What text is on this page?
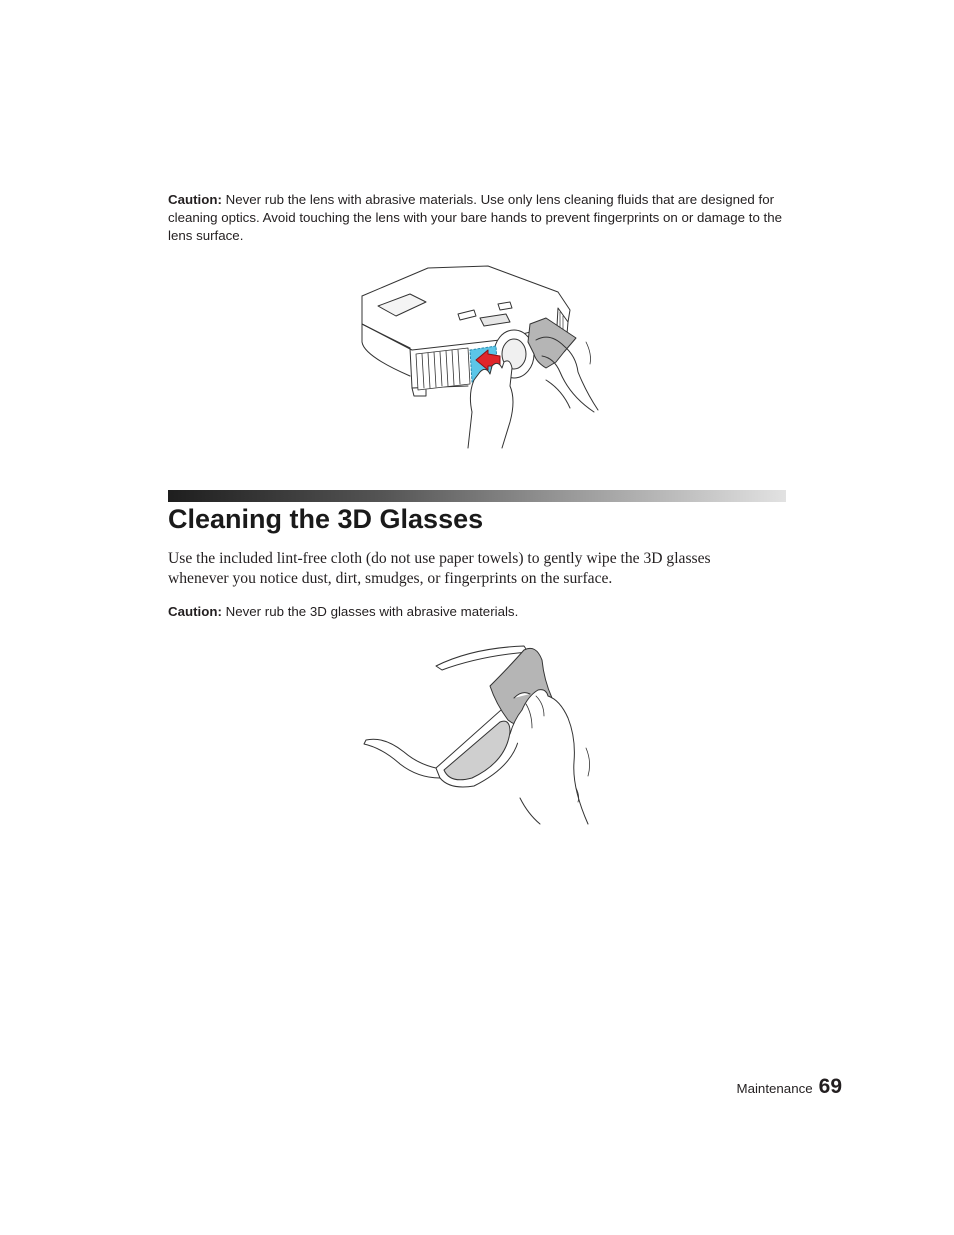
Caution: Never rub the lens with abrasive materials. Use only lens cleaning fluids that are designed for cleaning optics. Avoid touching the lens with your bare hands to prevent fingerprints on or damage to the lens surface.
Cleaning the 3D Glasses

Use the included lint-free cloth (do not use paper towels) to gently wipe the 3D glasses whenever you notice dust, dirt, smudges, or fingerprints on the surface.

Caution: Never rub the 3D glasses with abrasive materials.
Maintenance 69
